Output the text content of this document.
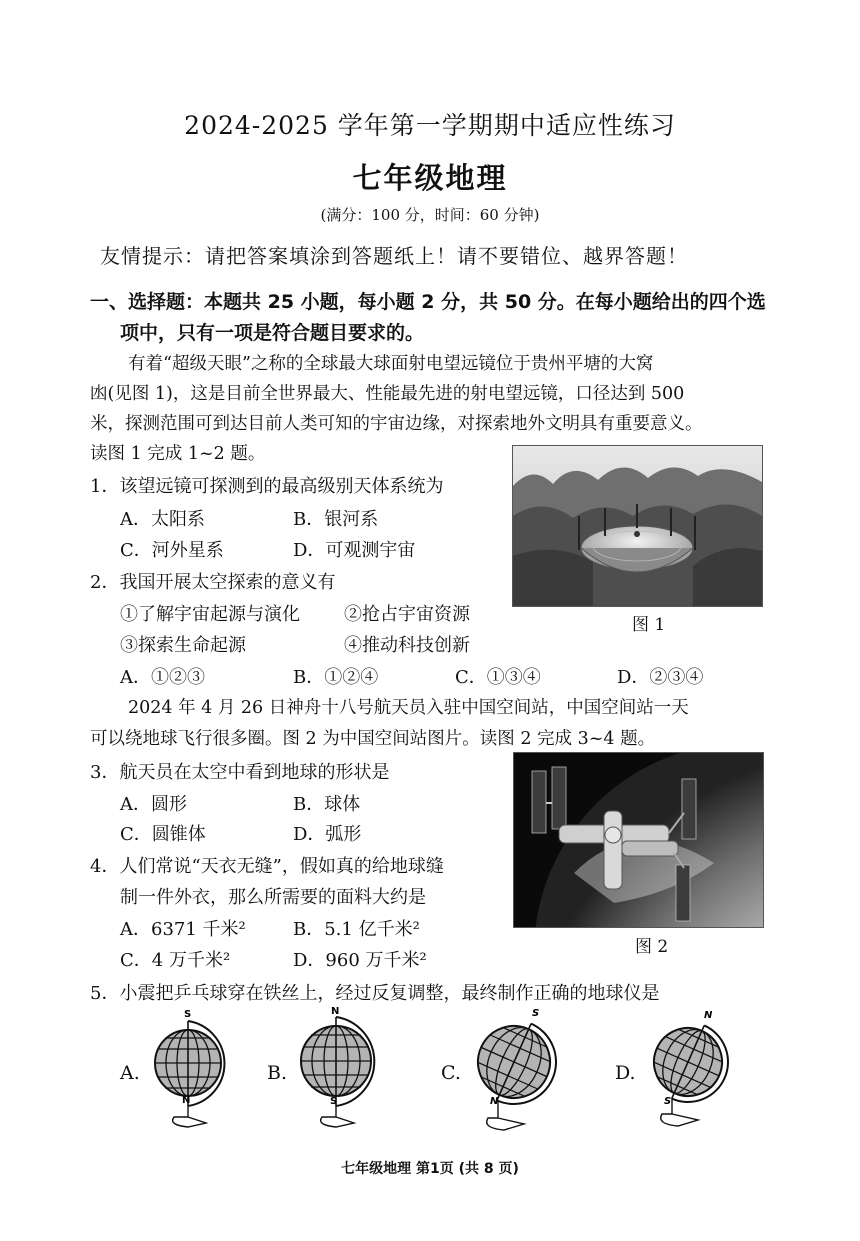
2024-2025 学年第一学期期中适应性练习
七年级地理
(满分：100 分，时间：60 分钟)
友情提示：请把答案填涂到答题纸上！请不要错位、越界答题！
一、选择题：本题共 25 小题，每小题 2 分，共 50 分。在每小题给出的四个选
项中，只有一项是符合题目要求的。
有着“超级天眼”之称的全球最大球面射电望远镜位于贵州平塘的大窝
凼(见图 1)，这是目前全世界最大、性能最先进的射电望远镜，口径达到 500
米，探测范围可到达目前人类可知的宇宙边缘，对探索地外文明具有重要意义。
读图 1 完成 1~2 题。
1．该望远镜可探测到的最高级别天体系统为
A．太阳系	B．银河系
C．河外星系	D．可观测宇宙
2．我国开展太空探索的意义有
①了解宇宙起源与演化 ②抢占宇宙资源
③探索生命起源	④推动科技创新
A．①②③	B．①②④	C．①③④	D．②③④
图 1
2024 年 4 月 26 日神舟十八号航天员入驻中国空间站，中国空间站一天
可以绕地球飞行很多圈。图 2 为中国空间站图片。读图 2 完成 3~4 题。
3．航天员在太空中看到地球的形状是
A．圆形	B．球体
C．圆锥体	D．弧形
4．人们常说“天衣无缝”，假如真的给地球缝
制一件外衣，那么所需要的面料大约是
A．6371 千米²	B．5.1 亿千米²
C．4 万千米²	D．960 万千米²
图 2
5．小震把乒乓球穿在铁丝上，经过反复调整，最终制作正确的地球仪是
A.
S
N
B.
N
S
C.
S
N
D.
N
S
七年级地理 第1页 (共 8 页)
